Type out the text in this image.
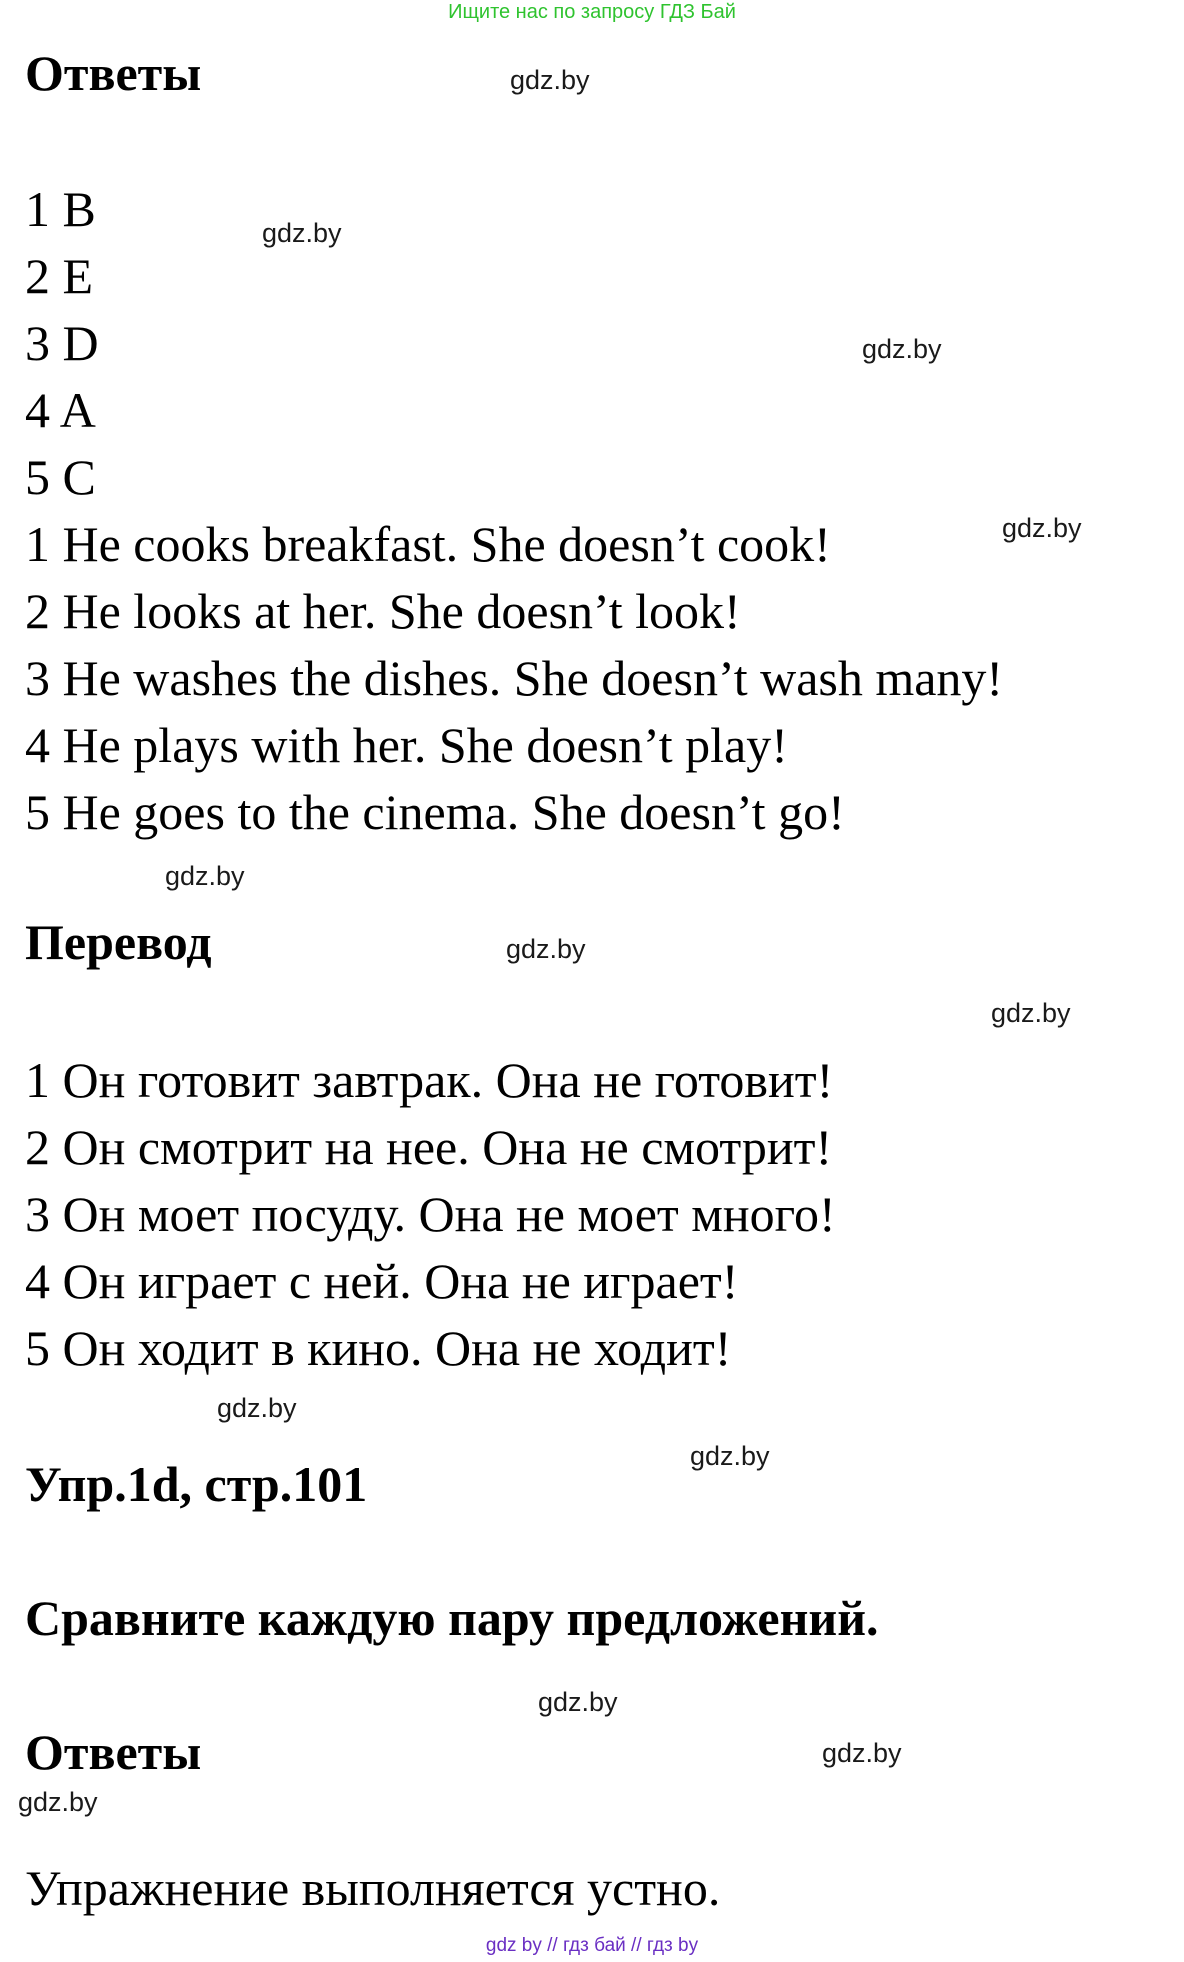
Ищите нас по запросу ГДЗ Бай
Ответы
1 B
2 E
3 D
4 A
5 C
1 He cooks breakfast. She doesn’t cook!
2 He looks at her. She doesn’t look!
3 He washes the dishes. She doesn’t wash many!
4 He plays with her. She doesn’t play!
5 He goes to the cinema. She doesn’t go!
Перевод
1 Он готовит завтрак. Она не готовит!
2 Он смотрит на нее. Она не смотрит!
3 Он моет посуду. Она не моет много!
4 Он играет с ней. Она не играет!
5 Он ходит в кино. Она не ходит!
Упр.1d, стр.101
Сравните каждую пару предложений.
Ответы
Упражнение выполняется устно.
gdz.by
gdz.by
gdz.by
gdz.by
gdz.by
gdz.by
gdz.by
gdz.by
gdz.by
gdz.by
gdz.by
gdz.by
gdz by // гдз бай // гдз by
